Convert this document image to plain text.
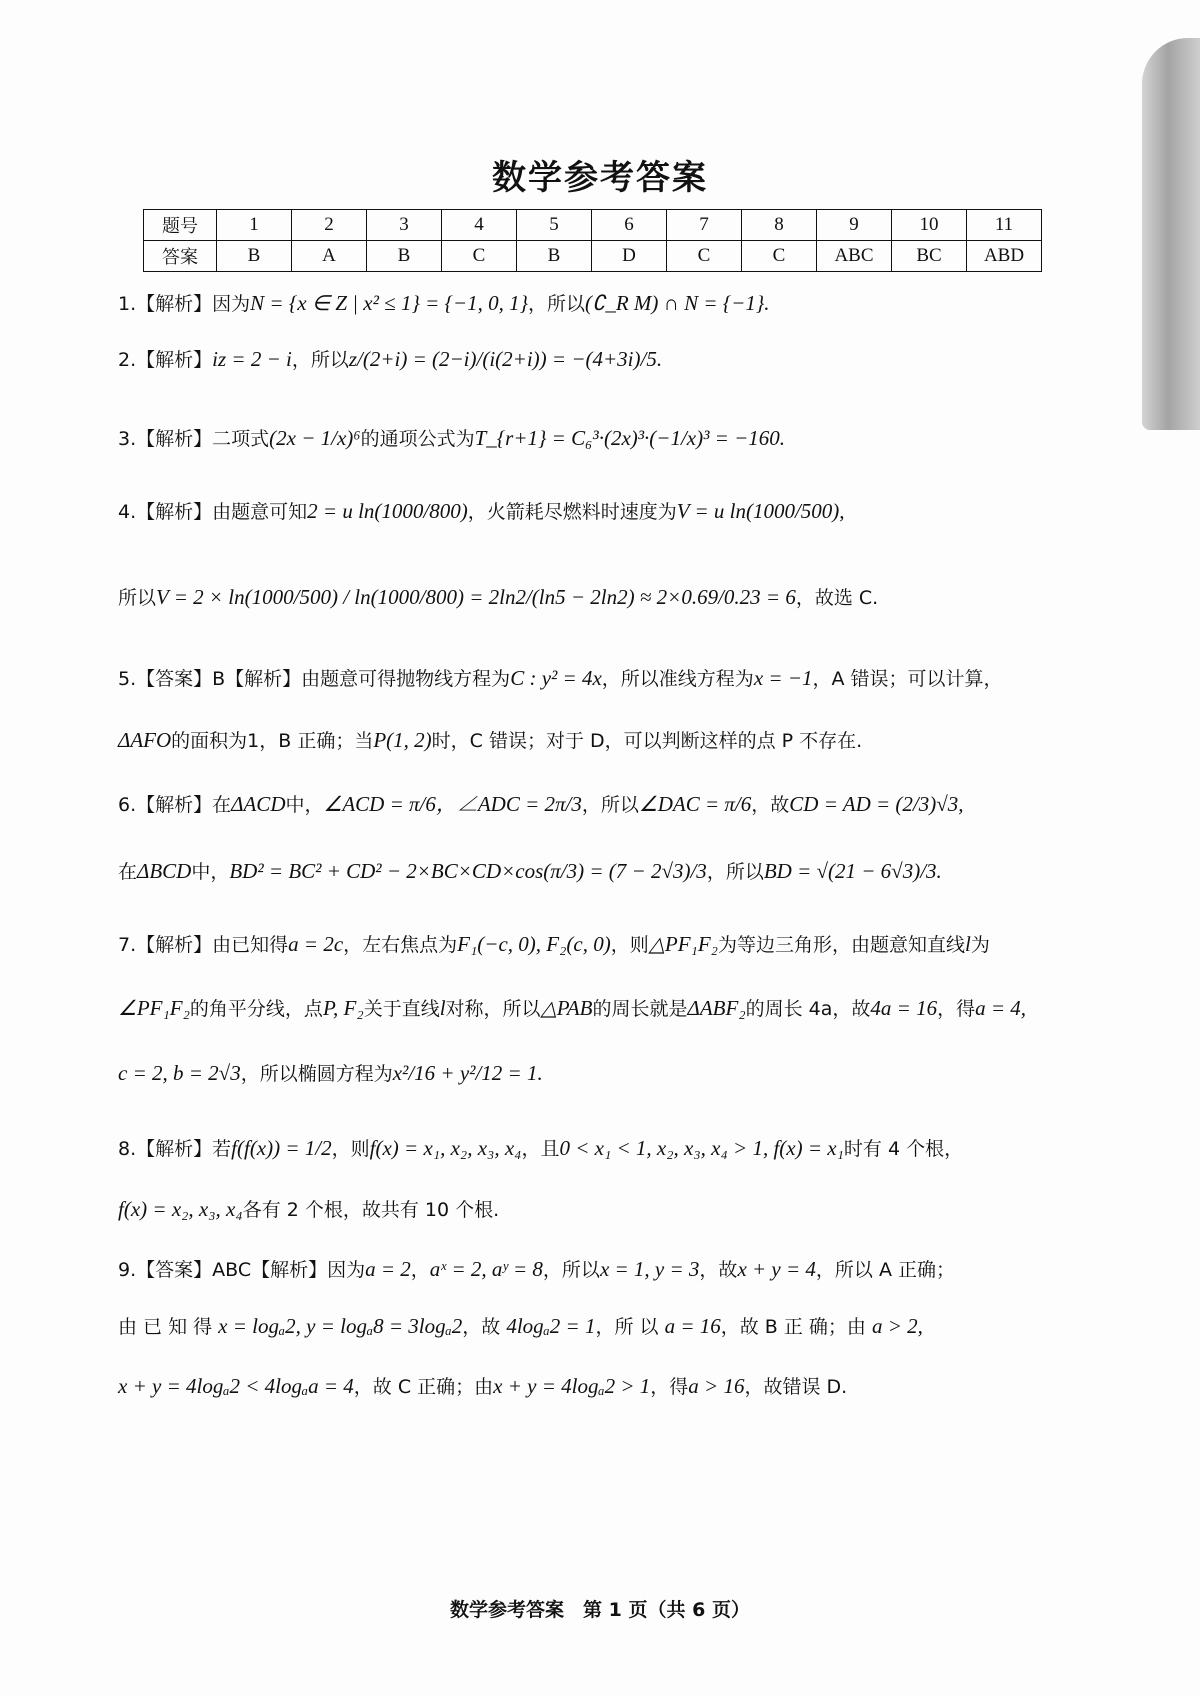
数学参考答案
题号	1	2	3	4	5	6	7	8	9	10	11
答案	B	A	B	C	B	D	C	C	ABC	BC	ABD
1.【解析】因为N = {x ∈ Z | x² ≤ 1} = {−1, 0, 1}，所以(∁_R M) ∩ N = {−1}.
2.【解析】iz = 2 − i，所以z/(2+i) = (2−i)/(i(2+i)) = −(4+3i)/5.
3.【解析】二项式(2x − 1/x)⁶的通项公式为T_{r+1} = C₆³·(2x)³·(−1/x)³ = −160.
4.【解析】由题意可知2 = u ln(1000/800)，火箭耗尽燃料时速度为V = u ln(1000/500),
所以V = 2 × ln(1000/500) / ln(1000/800) = 2ln2/(ln5 − 2ln2) ≈ 2×0.69/0.23 = 6，故选 C.
5.【答案】B【解析】由题意可得抛物线方程为C : y² = 4x，所以准线方程为x = −1，A 错误；可以计算，
ΔAFO的面积为1，B 正确；当P(1, 2)时，C 错误；对于 D，可以判断这样的点 P 不存在.
6.【解析】在ΔACD中，∠ACD = π/6，∠ADC = 2π/3，所以∠DAC = π/6，故CD = AD = (2/3)√3,
在ΔBCD中，BD² = BC² + CD² − 2×BC×CD×cos(π/3) = (7 − 2√3)/3，所以BD = √(21 − 6√3)/3.
7.【解析】由已知得a = 2c，左右焦点为F₁(−c, 0), F₂(c, 0)，则△PF₁F₂为等边三角形，由题意知直线l为
∠PF₁F₂的角平分线，点P, F₂关于直线l对称，所以△PAB的周长就是ΔABF₂的周长 4a，故4a = 16，得a = 4,
c = 2, b = 2√3，所以椭圆方程为x²/16 + y²/12 = 1.
8.【解析】若f(f(x)) = 1/2，则f(x) = x₁, x₂, x₃, x₄，且0 < x₁ < 1, x₂, x₃, x₄ > 1, f(x) = x₁时有 4 个根，
f(x) = x₂, x₃, x₄各有 2 个根，故共有 10 个根.
9.【答案】ABC【解析】因为a = 2，aˣ = 2, aʸ = 8，所以x = 1, y = 3，故x + y = 4，所以 A 正确；
由 已 知 得 x = logₐ2, y = logₐ8 = 3logₐ2，故 4logₐ2 = 1，所 以 a = 16，故 B 正 确；由 a > 2,
x + y = 4logₐ2 < 4logₐa = 4，故 C 正确；由x + y = 4logₐ2 > 1，得a > 16，故错误 D.
数学参考答案　第 1 页（共 6 页）
